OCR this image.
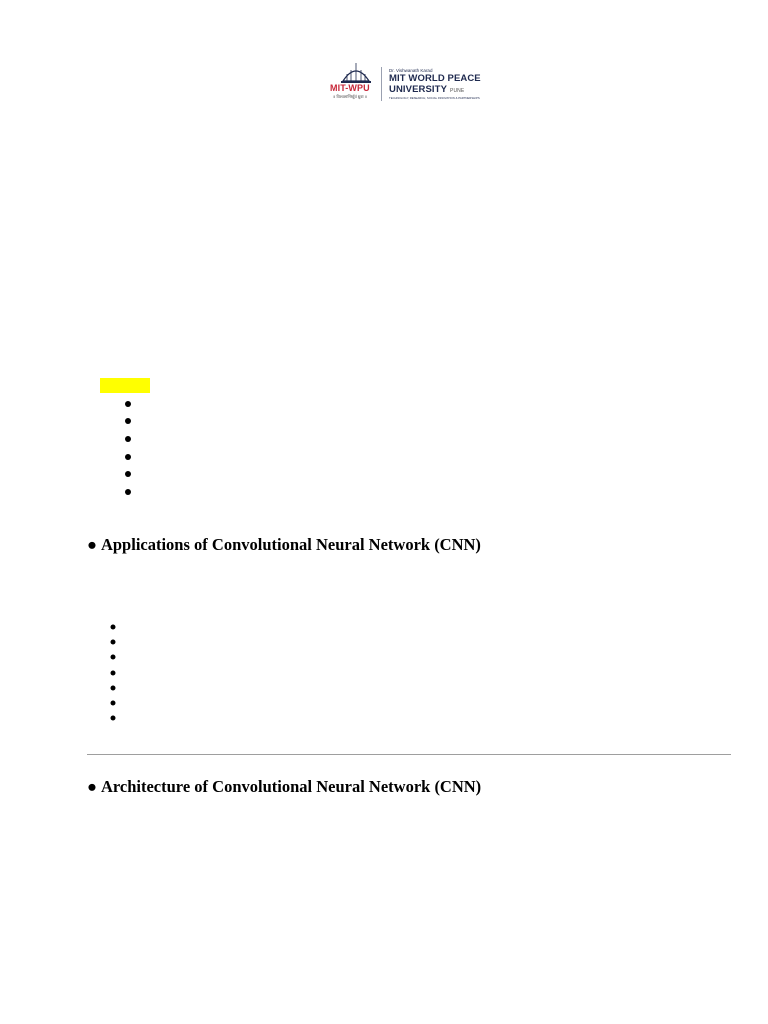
MIT-WPU
॥ विश्वशान्तिर्ध्रुवं ध्रुवा ॥
Dr. Vishwanath Karad
MIT WORLD PEACE
UNIVERSITY PUNE
TECHNOLOGY, RESEARCH, SOCIAL INNOVATION & PARTNERSHIPS
● Applications of Convolutional Neural Network (CNN)
● Architecture of Convolutional Neural Network (CNN)
